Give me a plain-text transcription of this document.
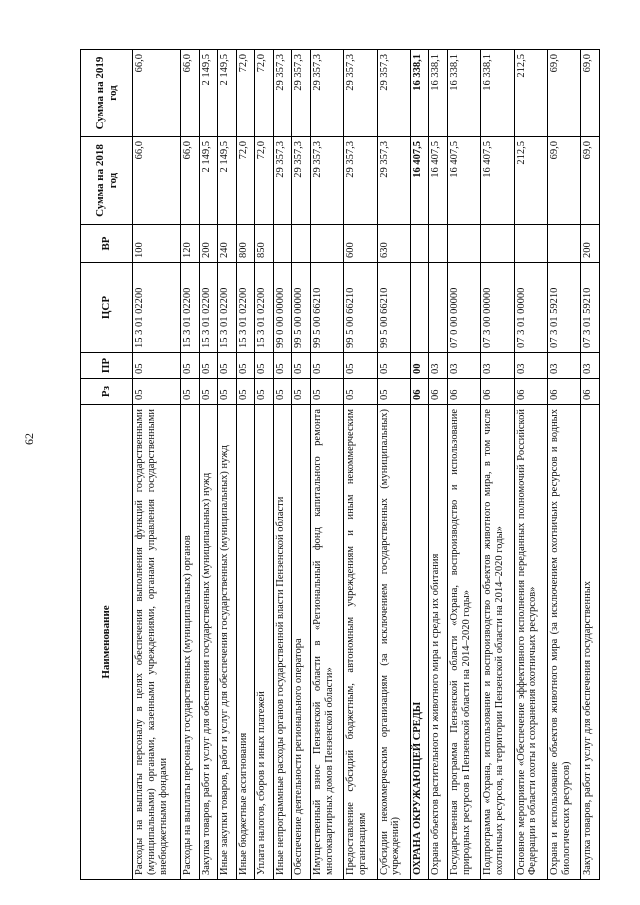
62
Наименование	Рз	ПР	ЦСР	ВР	Сумма на 2018 год	Сумма на 2019 год
Расходы на выплаты персоналу в целях обеспечения выполнения функций государственными (муниципальными) органами, казенными учреждениями, органами управления государственными внебюджетными фондами	05	05	15 3 01 02200	100	66,0	66,0
Расходы на выплаты персоналу государственных (муниципальных) органов	05	05	15 3 01 02200	120	66,0	66,0
Закупка товаров, работ и услуг для обеспечения государственных (муниципальных) нужд	05	05	15 3 01 02200	200	2 149,5	2 149,5
Иные закупки товаров, работ и услуг для обеспечения государственных (муниципальных) нужд	05	05	15 3 01 02200	240	2 149,5	2 149,5
Иные бюджетные ассигнования	05	05	15 3 01 02200	800	72,0	72,0
Уплата налогов, сборов и иных платежей	05	05	15 3 01 02200	850	72,0	72,0
Иные непрограммные расходы органов государственной власти Пензенской области	05	05	99 0 00 00000		29 357,3	29 357,3
Обеспечение деятельности регионального оператора	05	05	99 5 00 00000		29 357,3	29 357,3
Имущественный взнос Пензенской области в «Региональный фонд капитального ремонта многоквартирных домов Пензенской области»	05	05	99 5 00 66210		29 357,3	29 357,3
Предоставление субсидий бюджетным, автономным учреждениям и иным некоммерческим организациям	05	05	99 5 00 66210	600	29 357,3	29 357,3
Субсидии некоммерческим организациям (за исключением государственных (муниципальных) учреждений)	05	05	99 5 00 66210	630	29 357,3	29 357,3
ОХРАНА ОКРУЖАЮЩЕЙ СРЕДЫ	06	00			16 407,5	16 338,1
Охрана объектов растительного и животного мира и среды их обитания	06	03			16 407,5	16 338,1
Государственная программа Пензенской области «Охрана, воспроизводство и использование природных ресурсов в Пензенской области на 2014–2020 годы»	06	03	07 0 00 00000		16 407,5	16 338,1
Подпрограмма «Охрана, использование и воспроизводство объектов животного мира, в том числе охотничьих ресурсов, на территории Пензенской области на 2014–2020 годы»	06	03	07 3 00 00000		16 407,5	16 338,1
Основное мероприятие «Обеспечение эффективного исполнения переданных полномочий Российской Федерации в области охоты и сохранения охотничьих ресурсов»	06	03	07 3 01 00000		212,5	212,5
Охрана и использование объектов животного мира (за исключением охотничьих ресурсов и водных биологических ресурсов)	06	03	07 3 01 59210		69,0	69,0
Закупка товаров, работ и услуг для обеспечения государственных	06	03	07 3 01 59210	200	69,0	69,0
